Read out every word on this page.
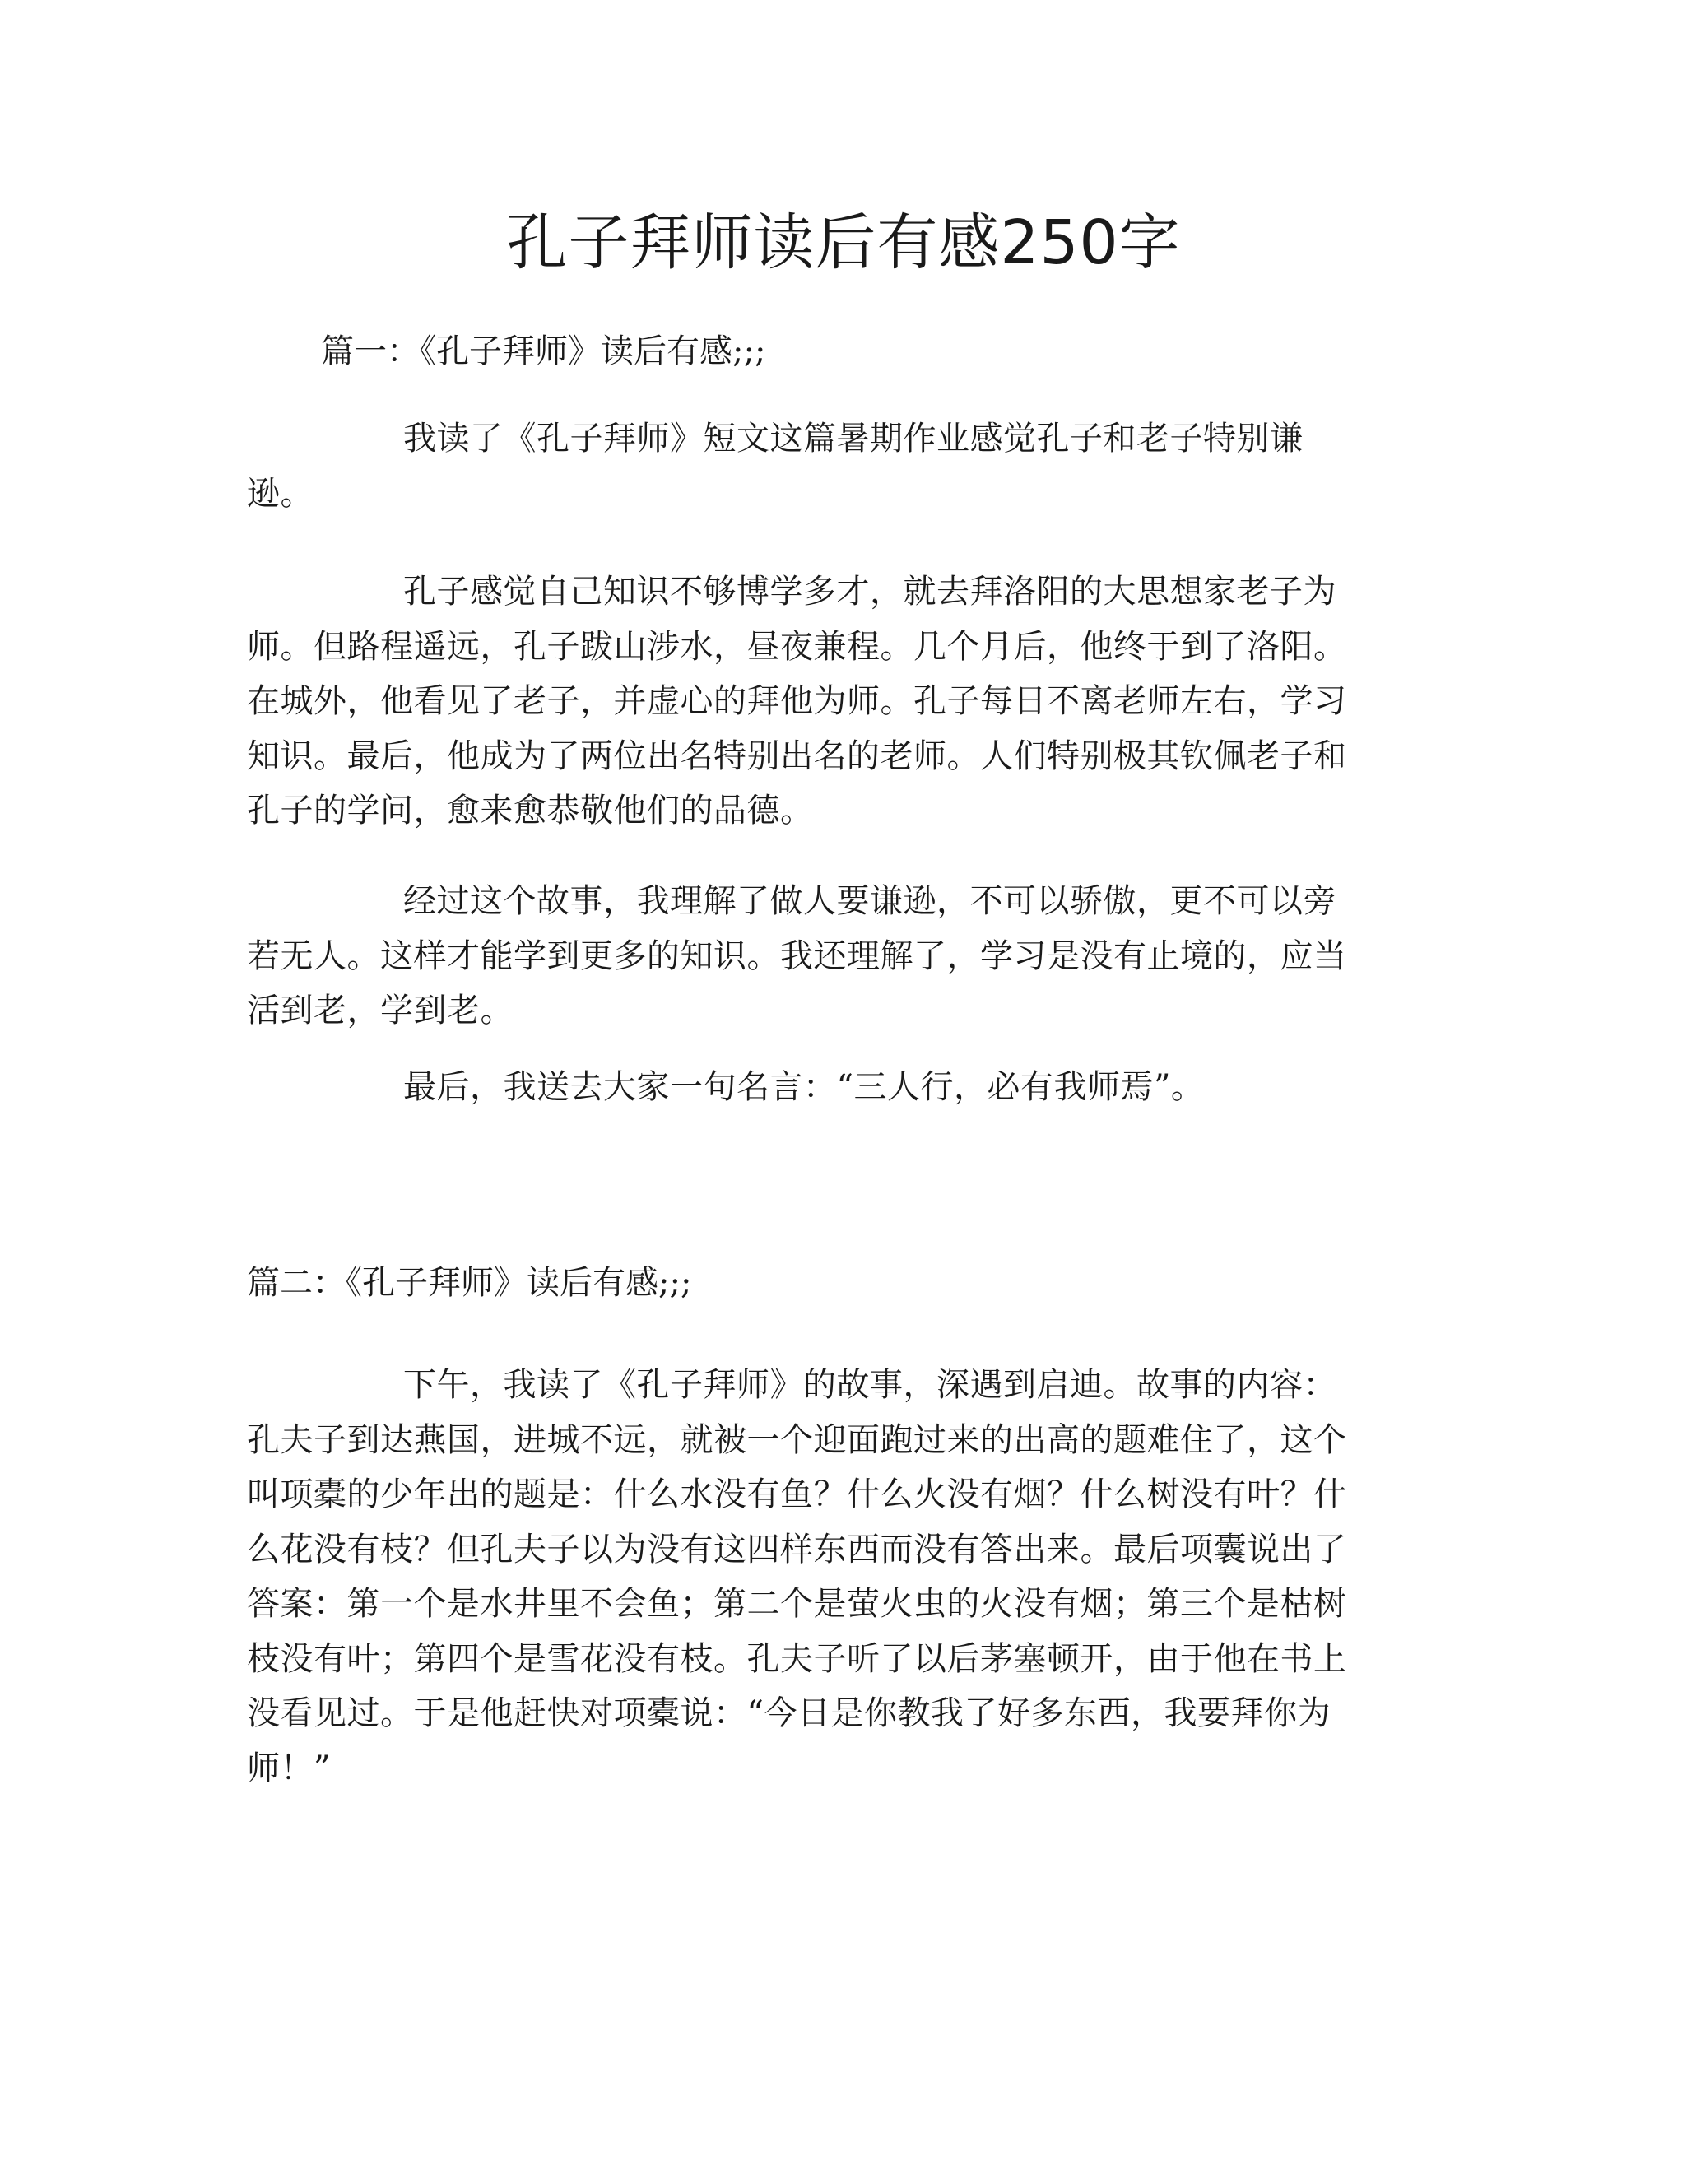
孔子拜师读后有感250字

篇一：《孔子拜师》读后有感;;;

我读了《孔子拜师》短文这篇暑期作业感觉孔子和老子特别谦逊。

孔子感觉自己知识不够博学多才，就去拜洛阳的大思想家老子为师。但路程遥远，孔子跋山涉水，昼夜兼程。几个月后，他终于到了洛阳。在城外，他看见了老子，并虚心的拜他为师。孔子每日不离老师左右，学习知识。最后，他成为了两位出名特别出名的老师。人们特别极其钦佩老子和孔子的学问，愈来愈恭敬他们的品德。

经过这个故事，我理解了做人要谦逊，不可以骄傲，更不可以旁若无人。这样才能学到更多的知识。我还理解了，学习是没有止境的，应当活到老，学到老。

最后，我送去大家一句名言：“三人行，必有我师焉”。

篇二：《孔子拜师》读后有感;;;

下午，我读了《孔子拜师》的故事，深遇到启迪。故事的内容：孔夫子到达燕国，进城不远，就被一个迎面跑过来的出高的题难住了，这个叫项橐的少年出的题是：什么水没有鱼？什么火没有烟？什么树没有叶？什么花没有枝？但孔夫子以为没有这四样东西而没有答出来。最后项囊说出了答案：第一个是水井里不会鱼；第二个是萤火虫的火没有烟；第三个是枯树枝没有叶；第四个是雪花没有枝。孔夫子听了以后茅塞顿开，由于他在书上没看见过。于是他赶快对项橐说：“今日是你教我了好多东西，我要拜你为师！”
